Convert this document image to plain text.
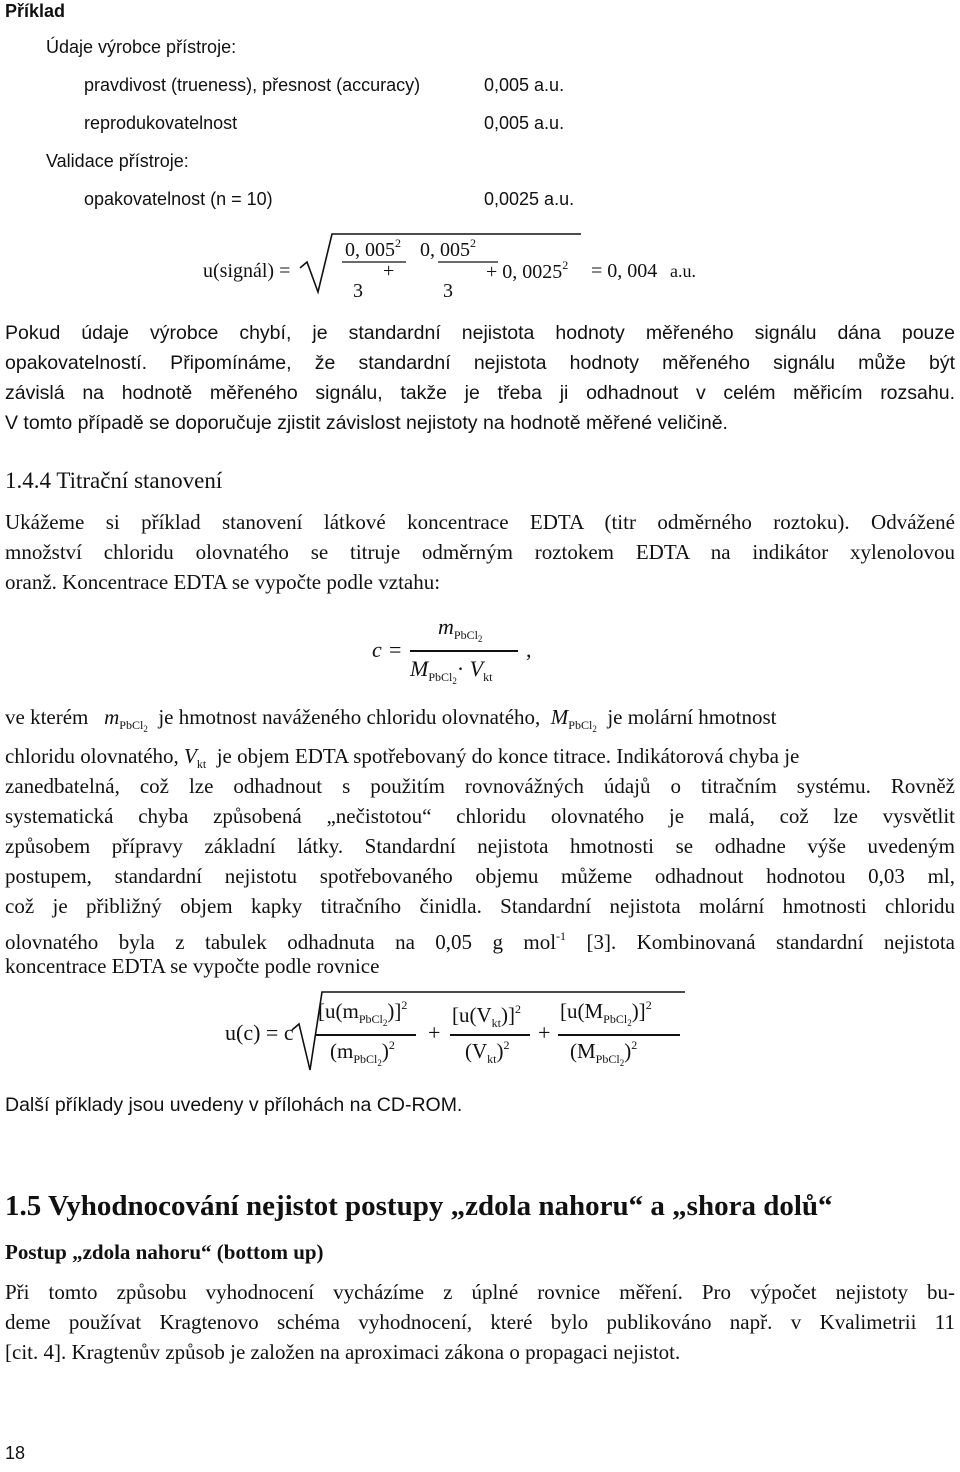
Příklad
Údaje výrobce přístroje:
pravdivost (trueness), přesnost (accuracy)	0,005 a.u.
reprodukovatelnost	0,005 a.u.
Validace přístroje:
opakovatelnost (n = 10)	0,0025 a.u.
u(signál) =
0, $005^2$ 0, $005^2$
+
3	3
+ 0, $0025^2 = 0$, 004 a.u.
Pokud údaje výrobce chybí, je standardní nejistota hodnoty měřeného signálu dána pouze
opakovatelností. Připomínáme, že standardní nejistota hodnoty měřeného signálu může být
závislá na hodnotě měřeného signálu, takže je třeba ji odhadnout v celém měřicím rozsahu.
V tomto případě se doporučuje zjistit závislost nejistoty na hodnotě měřené veličině.
1.4.4 Titrační stanovení
Ukážeme si příklad stanovení látkové koncentrace EDTA (titr odměrného roztoku). Odvážené
množství chloridu olovnatého se titruje odměrným roztokem EDTA na indikátor xylenolovou
oranž. Koncentrace EDTA se vypočte podle vztahu:
c =
$m_{PbCl_2}$
$M_{PbCl_2}\cdot V_{kt}$
,
ve kterém $m_{PbCl_2}$ je hmotnost naváženého chloridu olovnatého, $M_{PbCl_2}$ je molární hmotnost
chloridu olovnatého, $V_{kt}$ je objem EDTA spotřebovaný do konce titrace. Indikátorová chyba je
zanedbatelná, což lze odhadnout s použitím rovnovážných údajů o titračním systému. Rovněž
systematická chyba způsobená „nečistotou“ chloridu olovnatého je malá, což lze vysvětlit
způsobem přípravy základní látky. Standardní nejistota hmotnosti se odhadne výše uvedeným
postupem, standardní nejistotu spotřebovaného objemu můžeme odhadnout hodnotou 0,03 ml,
což je přibližný objem kapky titračního činidla. Standardní nejistota molární hmotnosti chloridu
olovnatého byla z tabulek odhadnuta na 0,05 g mol$^{-1}$ [3]. Kombinovaná standardní nejistota
koncentrace EDTA se vypočte podle rovnice
u(c) = c
$[u(m_{PbCl_2})]^2$
$(m_{PbCl_2})^2$ +
$[u(V_{kt})]^2$
$(V_{kt})^2$ +
$[u(M_{PbCl_2})]^2$
$(M_{PbCl_2})^2$
Další příklady jsou uvedeny v přílohách na CD-ROM.
1.5 Vyhodnocování nejistot postupy „zdola nahoru“ a „shora dolů“
Postup „zdola nahoru“ (bottom up)
Při tomto způsobu vyhodnocení vycházíme z úplné rovnice měření. Pro výpočet nejistoty bu-
deme používat Kragtenovo schéma vyhodnocení, které bylo publikováno např. v Kvalimetrii 11
[cit. 4]. Kragtenův způsob je založen na aproximaci zákona o propagaci nejistot.
18
